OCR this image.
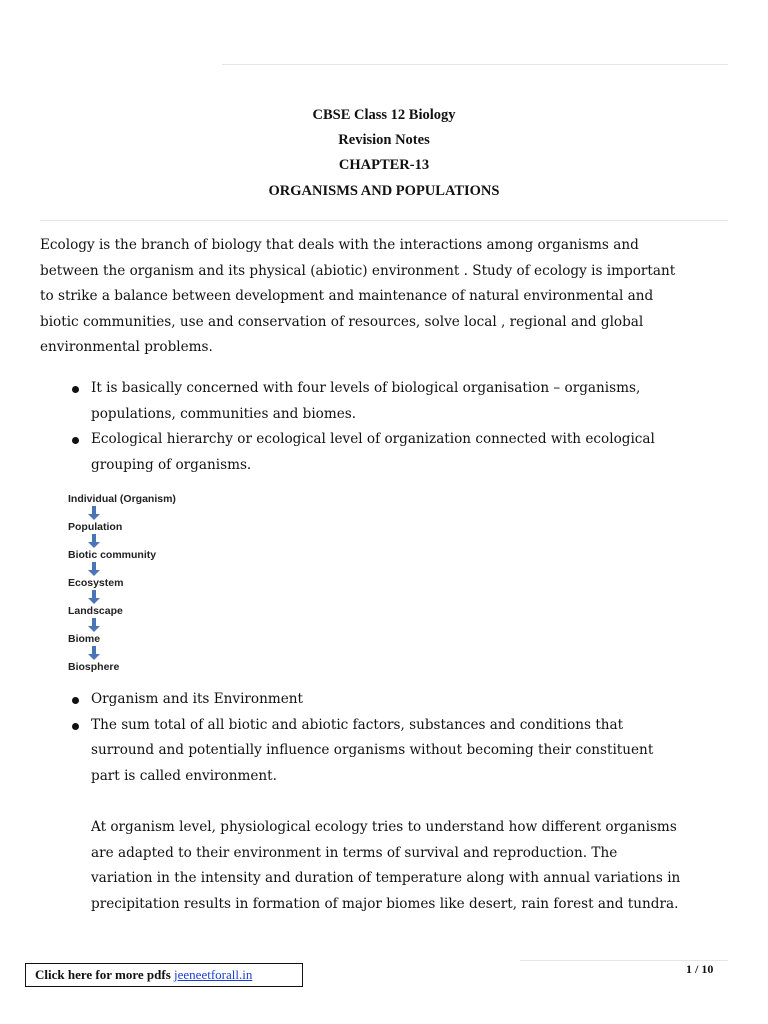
CBSE Class 12 Biology
Revision Notes
CHAPTER-13
ORGANISMS AND POPULATIONS
Ecology is the branch of biology that deals with the interactions among organisms and
between the organism and its physical (abiotic) environment . Study of ecology is important
to strike a balance between development and maintenance of natural environmental and
biotic communities, use and conservation of resources, solve local , regional and global
environmental problems.
It is basically concerned with four levels of biological organisation – organisms,
populations, communities and biomes.
Ecological hierarchy or ecological level of organization connected with ecological
grouping of organisms.
Individual (Organism)
Population
Biotic community
Ecosystem
Landscape
Biome
Biosphere
Organism and its Environment
The sum total of all biotic and abiotic factors, substances and conditions that
surround and potentially influence organisms without becoming their constituent
part is called environment.
At organism level, physiological ecology tries to understand how different organisms
are adapted to their environment in terms of survival and reproduction. The
variation in the intensity and duration of temperature along with annual variations in
precipitation results in formation of major biomes like desert, rain forest and tundra.
Click here for more pdfs jeeneetforall.in	1 / 10
